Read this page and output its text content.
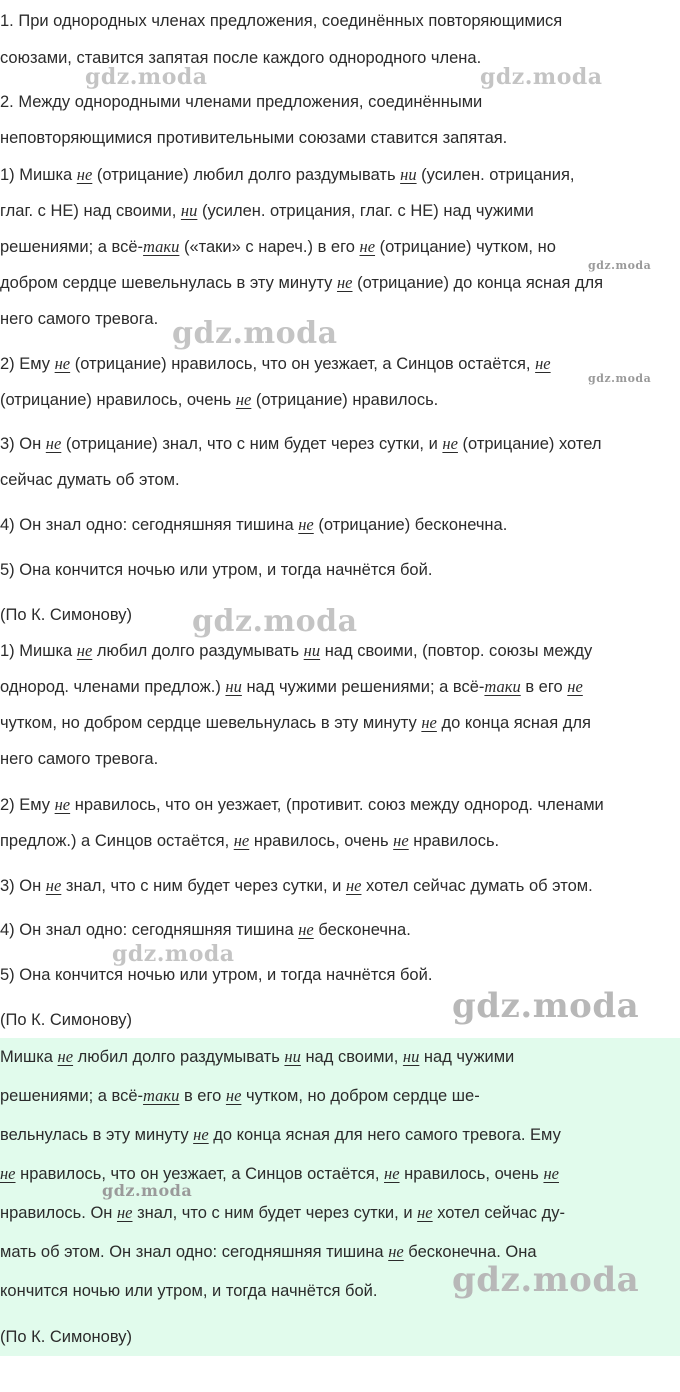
1. При однородных членах предложения, соединённых повторяющимися
союзами, ставится запятая после каждого однородного члена.
2. Между однородными членами предложения, соединёнными
неповторяющимися противительными союзами ставится запятая.
1) Мишка не (отрицание) любил долго раздумывать ни (усилен. отрицания,
глаг. с НЕ) над своими, ни (усилен. отрицания, глаг. с НЕ) над чужими
решениями; а всё-таки («таки» с нареч.) в его не (отрицание) чутком, но
добром сердце шевельнулась в эту минуту не (отрицание) до конца ясная для
него самого тревога.
2) Ему не (отрицание) нравилось, что он уезжает, а Синцов остаётся, не
(отрицание) нравилось, очень не (отрицание) нравилось.
3) Он не (отрицание) знал, что с ним будет через сутки, и не (отрицание) хотел
сейчас думать об этом.
4) Он знал одно: сегодняшняя тишина не (отрицание) бесконечна.
5) Она кончится ночью или утром, и тогда начнётся бой.
(По К. Симонову)
1) Мишка не любил долго раздумывать ни над своими, (повтор. союзы между
однород. членами предлож.) ни над чужими решениями; а всё-таки в его не
чутком, но добром сердце шевельнулась в эту минуту не до конца ясная для
него самого тревога.
2) Ему не нравилось, что он уезжает, (противит. союз между однород. членами
предлож.) а Синцов остаётся, не нравилось, очень не нравилось.
3) Он не знал, что с ним будет через сутки, и не хотел сейчас думать об этом.
4) Он знал одно: сегодняшняя тишина не бесконечна.
5) Она кончится ночью или утром, и тогда начнётся бой.
(По К. Симонову)
Мишка не любил долго раздумывать ни над своими, ни над чужими
решениями; а всё-таки в его не чутком, но добром сердце ше-
вельнулась в эту минуту не до конца ясная для него самого тревога. Ему
не нравилось, что он уезжает, а Синцов остаётся, не нравилось, очень не
нравилось. Он не знал, что с ним будет через сутки, и не хотел сейчас ду-
мать об этом. Он знал одно: сегодняшняя тишина не бесконечна. Она
кончится ночью или утром, и тогда начнётся бой.
(По К. Симонову)
gdz.moda	gdz.moda
gdz.moda
gdz.moda
gdz.moda
gdz.moda
gdz.moda
gdz.moda
gdz.moda
gdz.moda
